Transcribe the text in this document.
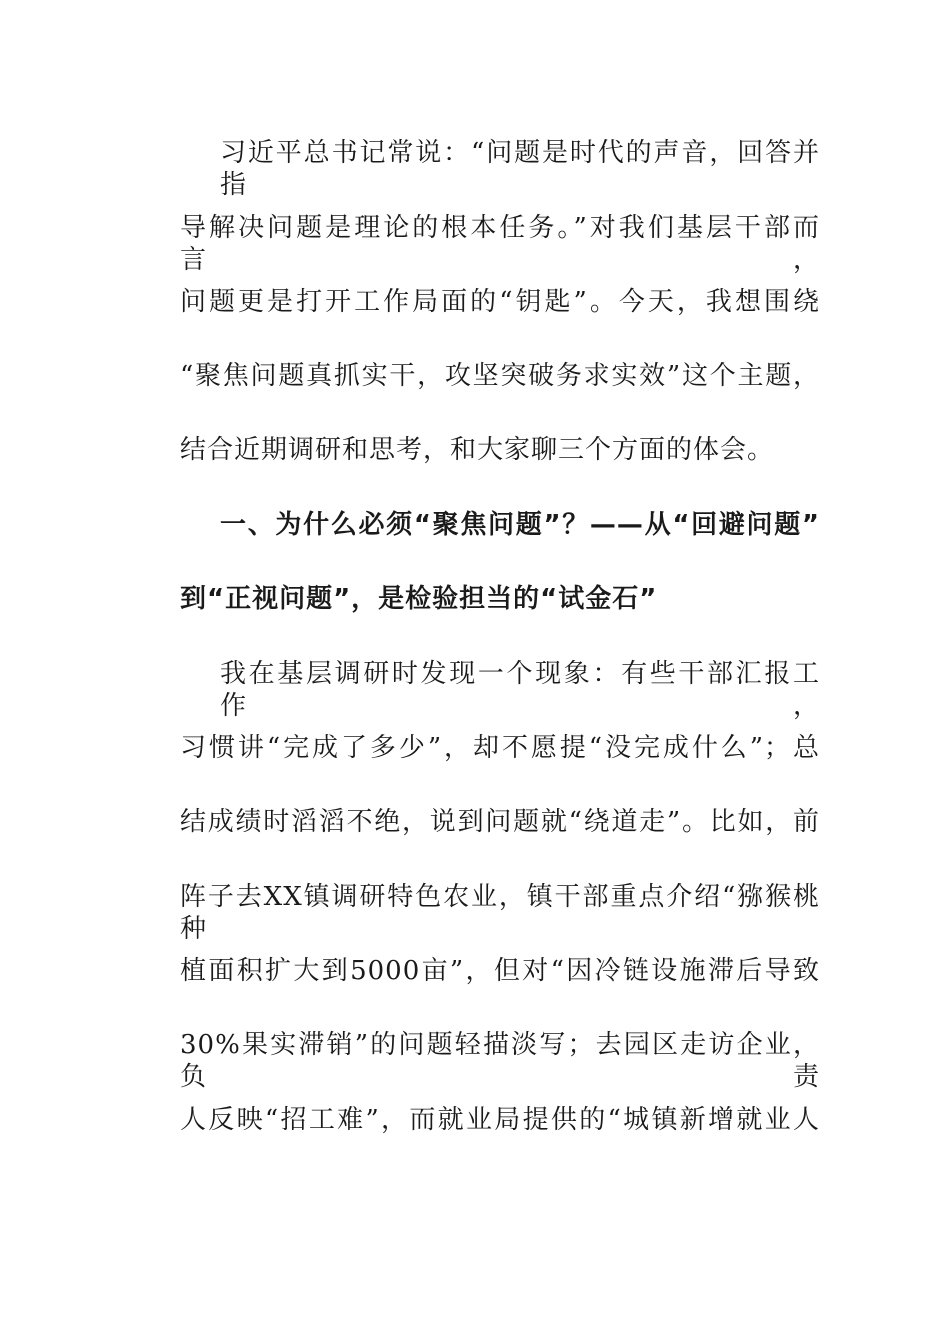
习近平总书记常说：“问题是时代的声音，回答并指
导解决问题是理论的根本任务。”对我们基层干部而言，
问题更是打开工作局面的“钥匙”。今天，我想围绕
“聚焦问题真抓实干，攻坚突破务求实效”这个主题，
结合近期调研和思考，和大家聊三个方面的体会。
一、为什么必须“聚焦问题”？——从“回避问题”
到“正视问题”，是检验担当的“试金石”
我在基层调研时发现一个现象：有些干部汇报工作，
习惯讲“完成了多少”，却不愿提“没完成什么”；总
结成绩时滔滔不绝，说到问题就“绕道走”。比如，前
阵子去XX镇调研特色农业，镇干部重点介绍“猕猴桃种
植面积扩大到5000亩”，但对“因冷链设施滞后导致
30%果实滞销”的问题轻描淡写；去园区走访企业，负责
人反映“招工难”，而就业局提供的“城镇新增就业人
